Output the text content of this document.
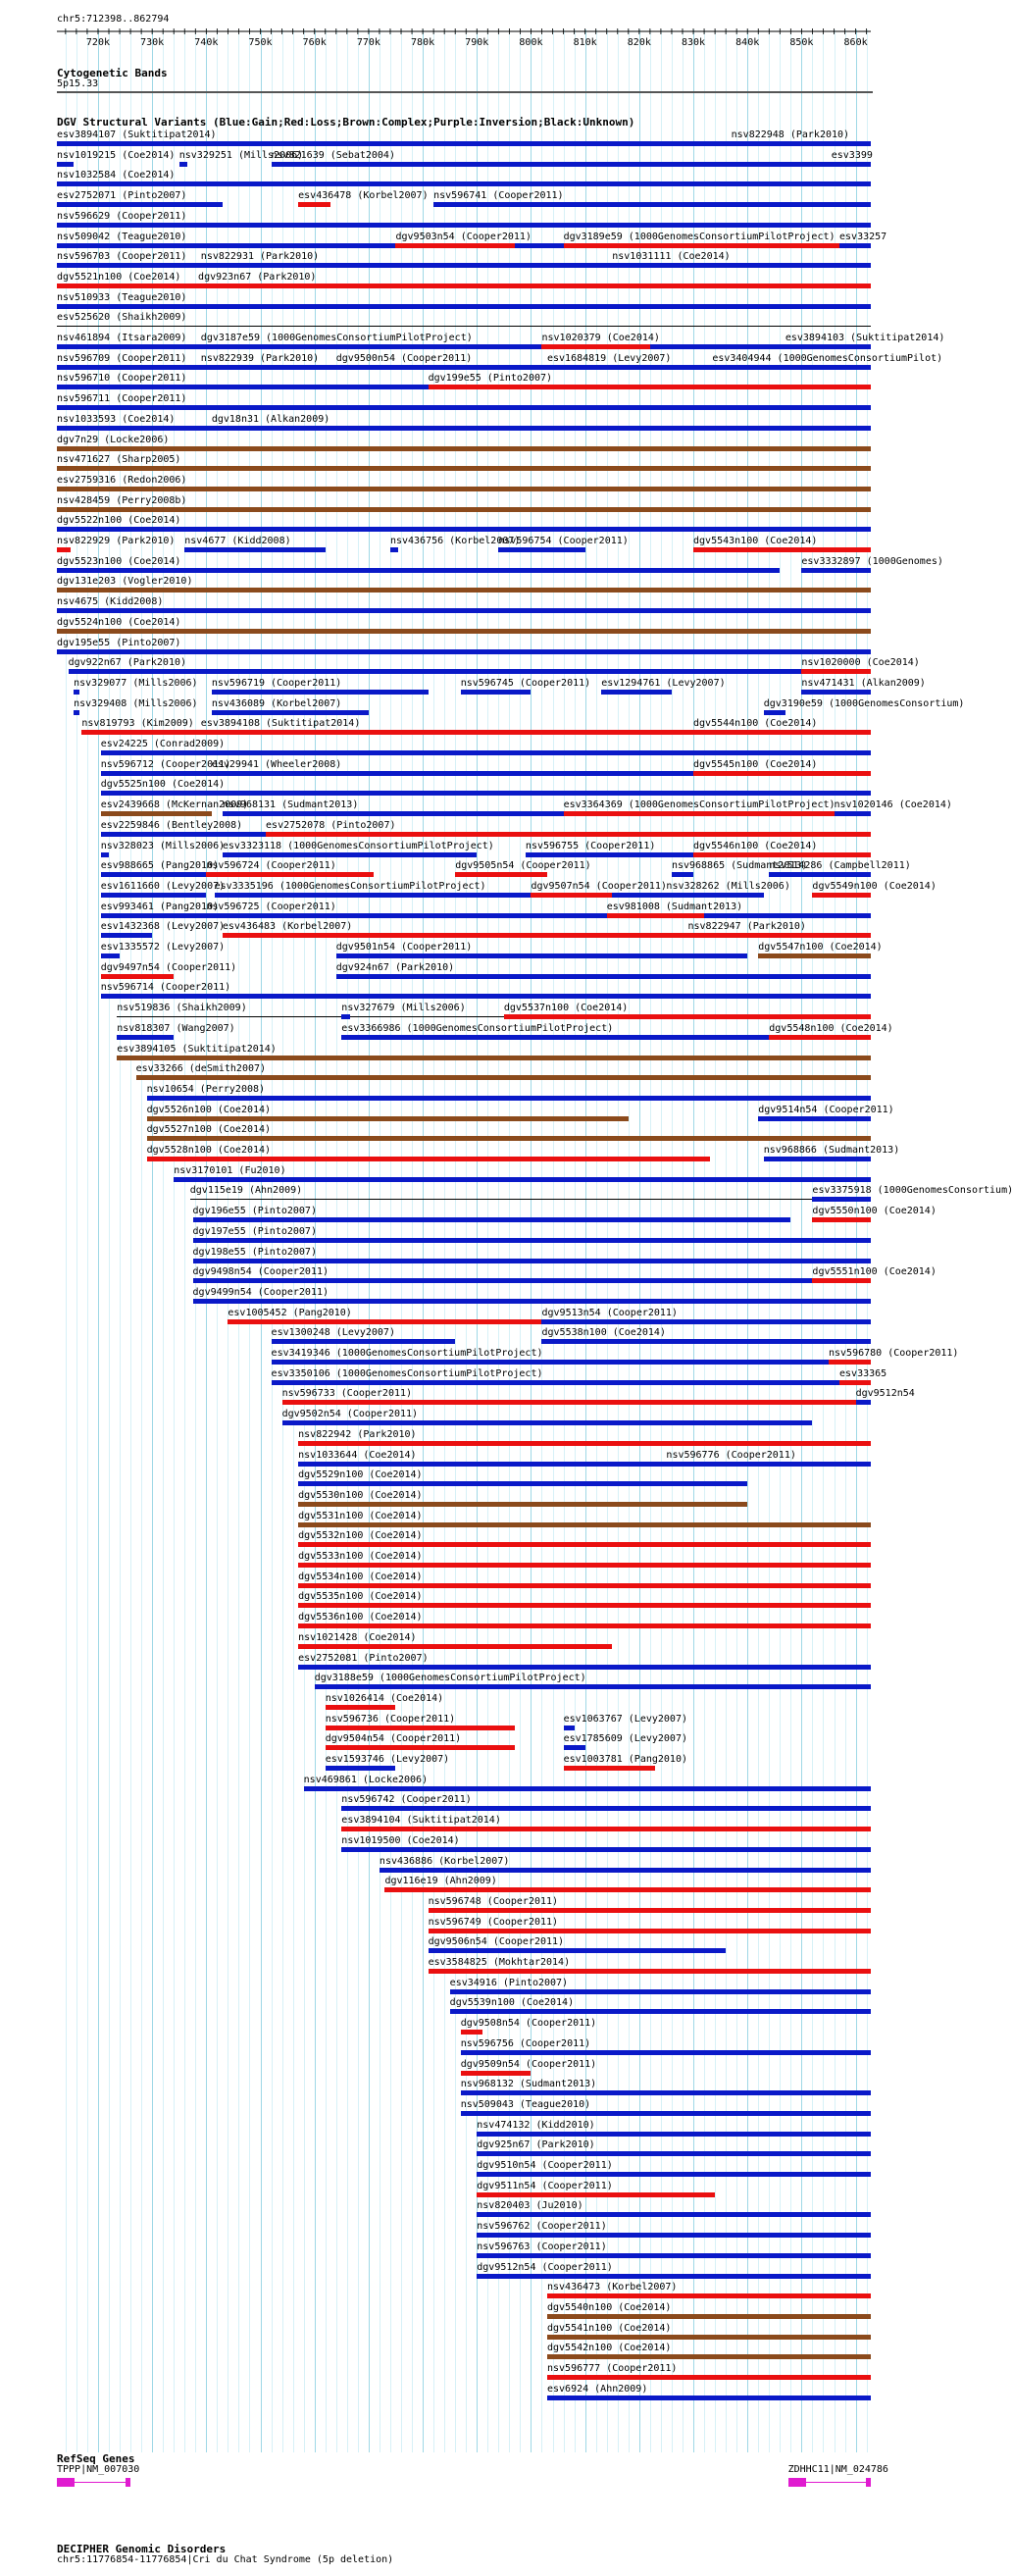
chr5:712398..862794
720k	730k	740k	750k	760k	770k	780k	790k	800k	810k	820k	830k	840k	850k	860k
Cytogenetic Bands
5p15.33
DGV Structural Variants (Blue:Gain;Red:Loss;Brown:Complex;Purple:Inversion;Black:Unknown)
esv3894107 (Suktitipat2014)	nsv822948 (Park2010)
nsv1019215 (Coe2014) nsv329251 (Mills2006)
nsv821639 (Sebat2004)	esv3399
nsv1032584 (Coe2014)
esv2752071 (Pinto2007)	esv436478 (Korbel2007) nsv596741 (Cooper2011)
nsv596629 (Cooper2011)
nsv509042 (Teague2010)	dgv9503n54 (Cooper2011)	dgv3189e59 (1000GenomesConsortiumPilotProject) esv33257
nsv596703 (Cooper2011) nsv822931 (Park2010)	nsv1031111 (Coe2014)
dgv5521n100 (Coe2014) dgv923n67 (Park2010)
nsv510933 (Teague2010)
esv525620 (Shaikh2009)
nsv461894 (Itsara2009) dgv3187e59 (1000GenomesConsortiumPilotProject)	nsv1020379 (Coe2014)	esv3894103 (Suktitipat2014)
nsv596709 (Cooper2011) nsv822939 (Park2010) dgv9500n54 (Cooper2011)	esv1684819 (Levy2007)	esv3404944 (1000GenomesConsortiumPilot)
nsv596710 (Cooper2011)	dgv199e55 (Pinto2007)
nsv596711 (Cooper2011)
nsv1033593 (Coe2014)	dgv18n31 (Alkan2009)
dgv7n29 (Locke2006)
nsv471627 (Sharp2005)
esv2759316 (Redon2006)
nsv428459 (Perry2008b)
dgv5522n100 (Coe2014)
nsv822929 (Park2010) nsv4677 (Kidd2008)	nsv436756 (Korbel2007)
nsv596754 (Cooper2011)	dgv5543n100 (Coe2014)
dgv5523n100 (Coe2014)	esv3332897 (1000Genomes)
dgv131e203 (Vogler2010)
nsv4675 (Kidd2008)
dgv5524n100 (Coe2014)
dgv195e55 (Pinto2007)
dgv922n67 (Park2010)	nsv1020000 (Coe2014)
nsv329077 (Mills2006) nsv596719 (Cooper2011)	nsv596745 (Cooper2011) esv1294761 (Levy2007)	nsv471431 (Alkan2009)
nsv329408 (Mills2006) nsv436089 (Korbel2007)	dgv3190e59 (1000GenomesConsortium)
nsv819793 (Kim2009) esv3894108 (Suktitipat2014)	dgv5544n100 (Coe2014)
esv24225 (Conrad2009)
nsv596712 (Cooper2011)
esv29941 (Wheeler2008)	dgv5545n100 (Coe2014)
dgv5525n100 (Coe2014)
esv2439668 (McKernan2009)
nsv968131 (Sudmant2013)	esv3364369 (1000GenomesConsortiumPilotProject)
nsv1020146 (Coe2014)
esv2259846 (Bentley2008) esv2752078 (Pinto2007)
nsv328023 (Mills2006)
esv3323118 (1000GenomesConsortiumPilotProject)	nsv596755 (Cooper2011)	dgv5546n100 (Coe2014)
esv988665 (Pang2010)
nsv596724 (Cooper2011)	dgv9505n54 (Cooper2011)	nsv968865 (Sudmant2013)
nsv514286 (Campbell2011)
esv1611660 (Levy2007)
esv3335196 (1000GenomesConsortiumPilotProject)	dgv9507n54 (Cooper2011) nsv328262 (Mills2006) dgv5549n100 (Coe2014)
esv993461 (Pang2010)
nsv596725 (Cooper2011)	esv981008 (Sudmant2013)
esv1432368 (Levy2007)
esv436483 (Korbel2007)	nsv822947 (Park2010)
esv1335572 (Levy2007)	dgv9501n54 (Cooper2011)	dgv5547n100 (Coe2014)
dgv9497n54 (Cooper2011)	dgv924n67 (Park2010)
nsv596714 (Cooper2011)
nsv519836 (Shaikh2009)	nsv327679 (Mills2006)	dgv5537n100 (Coe2014)
nsv818307 (Wang2007)	esv3366986 (1000GenomesConsortiumPilotProject)	dgv5548n100 (Coe2014)
esv3894105 (Suktitipat2014)
esv33266 (deSmith2007)
nsv10654 (Perry2008)
dgv5526n100 (Coe2014)	dgv9514n54 (Cooper2011)
dgv5527n100 (Coe2014)
dgv5528n100 (Coe2014)	nsv968866 (Sudmant2013)
nsv3170101 (Fu2010)
dgv115e19 (Ahn2009)	esv3375918 (1000GenomesConsortium)
dgv196e55 (Pinto2007)	dgv5550n100 (Coe2014)
dgv197e55 (Pinto2007)
dgv198e55 (Pinto2007)
dgv9498n54 (Cooper2011)	dgv5551n100 (Coe2014)
dgv9499n54 (Cooper2011)
esv1005452 (Pang2010)	dgv9513n54 (Cooper2011)
esv1300248 (Levy2007)	dgv5538n100 (Coe2014)
esv3419346 (1000GenomesConsortiumPilotProject)	nsv596780 (Cooper2011)
esv3350106 (1000GenomesConsortiumPilotProject)	esv33365
nsv596733 (Cooper2011)	dgv9512n54
dgv9502n54 (Cooper2011)
nsv822942 (Park2010)
nsv1033644 (Coe2014)	nsv596776 (Cooper2011)
dgv5529n100 (Coe2014)
dgv5530n100 (Coe2014)
dgv5531n100 (Coe2014)
dgv5532n100 (Coe2014)
dgv5533n100 (Coe2014)
dgv5534n100 (Coe2014)
dgv5535n100 (Coe2014)
dgv5536n100 (Coe2014)
nsv1021428 (Coe2014)
esv2752081 (Pinto2007)
dgv3188e59 (1000GenomesConsortiumPilotProject)
nsv1026414 (Coe2014)
nsv596736 (Cooper2011)	esv1063767 (Levy2007)
dgv9504n54 (Cooper2011)	esv1785609 (Levy2007)
esv1593746 (Levy2007)	esv1003781 (Pang2010)
nsv469861 (Locke2006)
nsv596742 (Cooper2011)
esv3894104 (Suktitipat2014)
nsv1019500 (Coe2014)
nsv436886 (Korbel2007)
dgv116e19 (Ahn2009)
nsv596748 (Cooper2011)
nsv596749 (Cooper2011)
dgv9506n54 (Cooper2011)
esv3584825 (Mokhtar2014)
esv34916 (Pinto2007)
dgv5539n100 (Coe2014)
dgv9508n54 (Cooper2011)
nsv596756 (Cooper2011)
dgv9509n54 (Cooper2011)
nsv968132 (Sudmant2013)
nsv509043 (Teague2010)
nsv474132 (Kidd2010)
dgv925n67 (Park2010)
dgv9510n54 (Cooper2011)
dgv9511n54 (Cooper2011)
nsv820403 (Ju2010)
nsv596762 (Cooper2011)
nsv596763 (Cooper2011)
dgv9512n54 (Cooper2011)
nsv436473 (Korbel2007)
dgv5540n100 (Coe2014)
dgv5541n100 (Coe2014)
dgv5542n100 (Coe2014)
nsv596777 (Cooper2011)
esv6924 (Ahn2009)
RefSeq Genes
TPPP|NM_007030	ZDHHC11|NM_024786
DECIPHER Genomic Disorders
chr5:11776854-11776854|Cri du Chat Syndrome (5p deletion)
